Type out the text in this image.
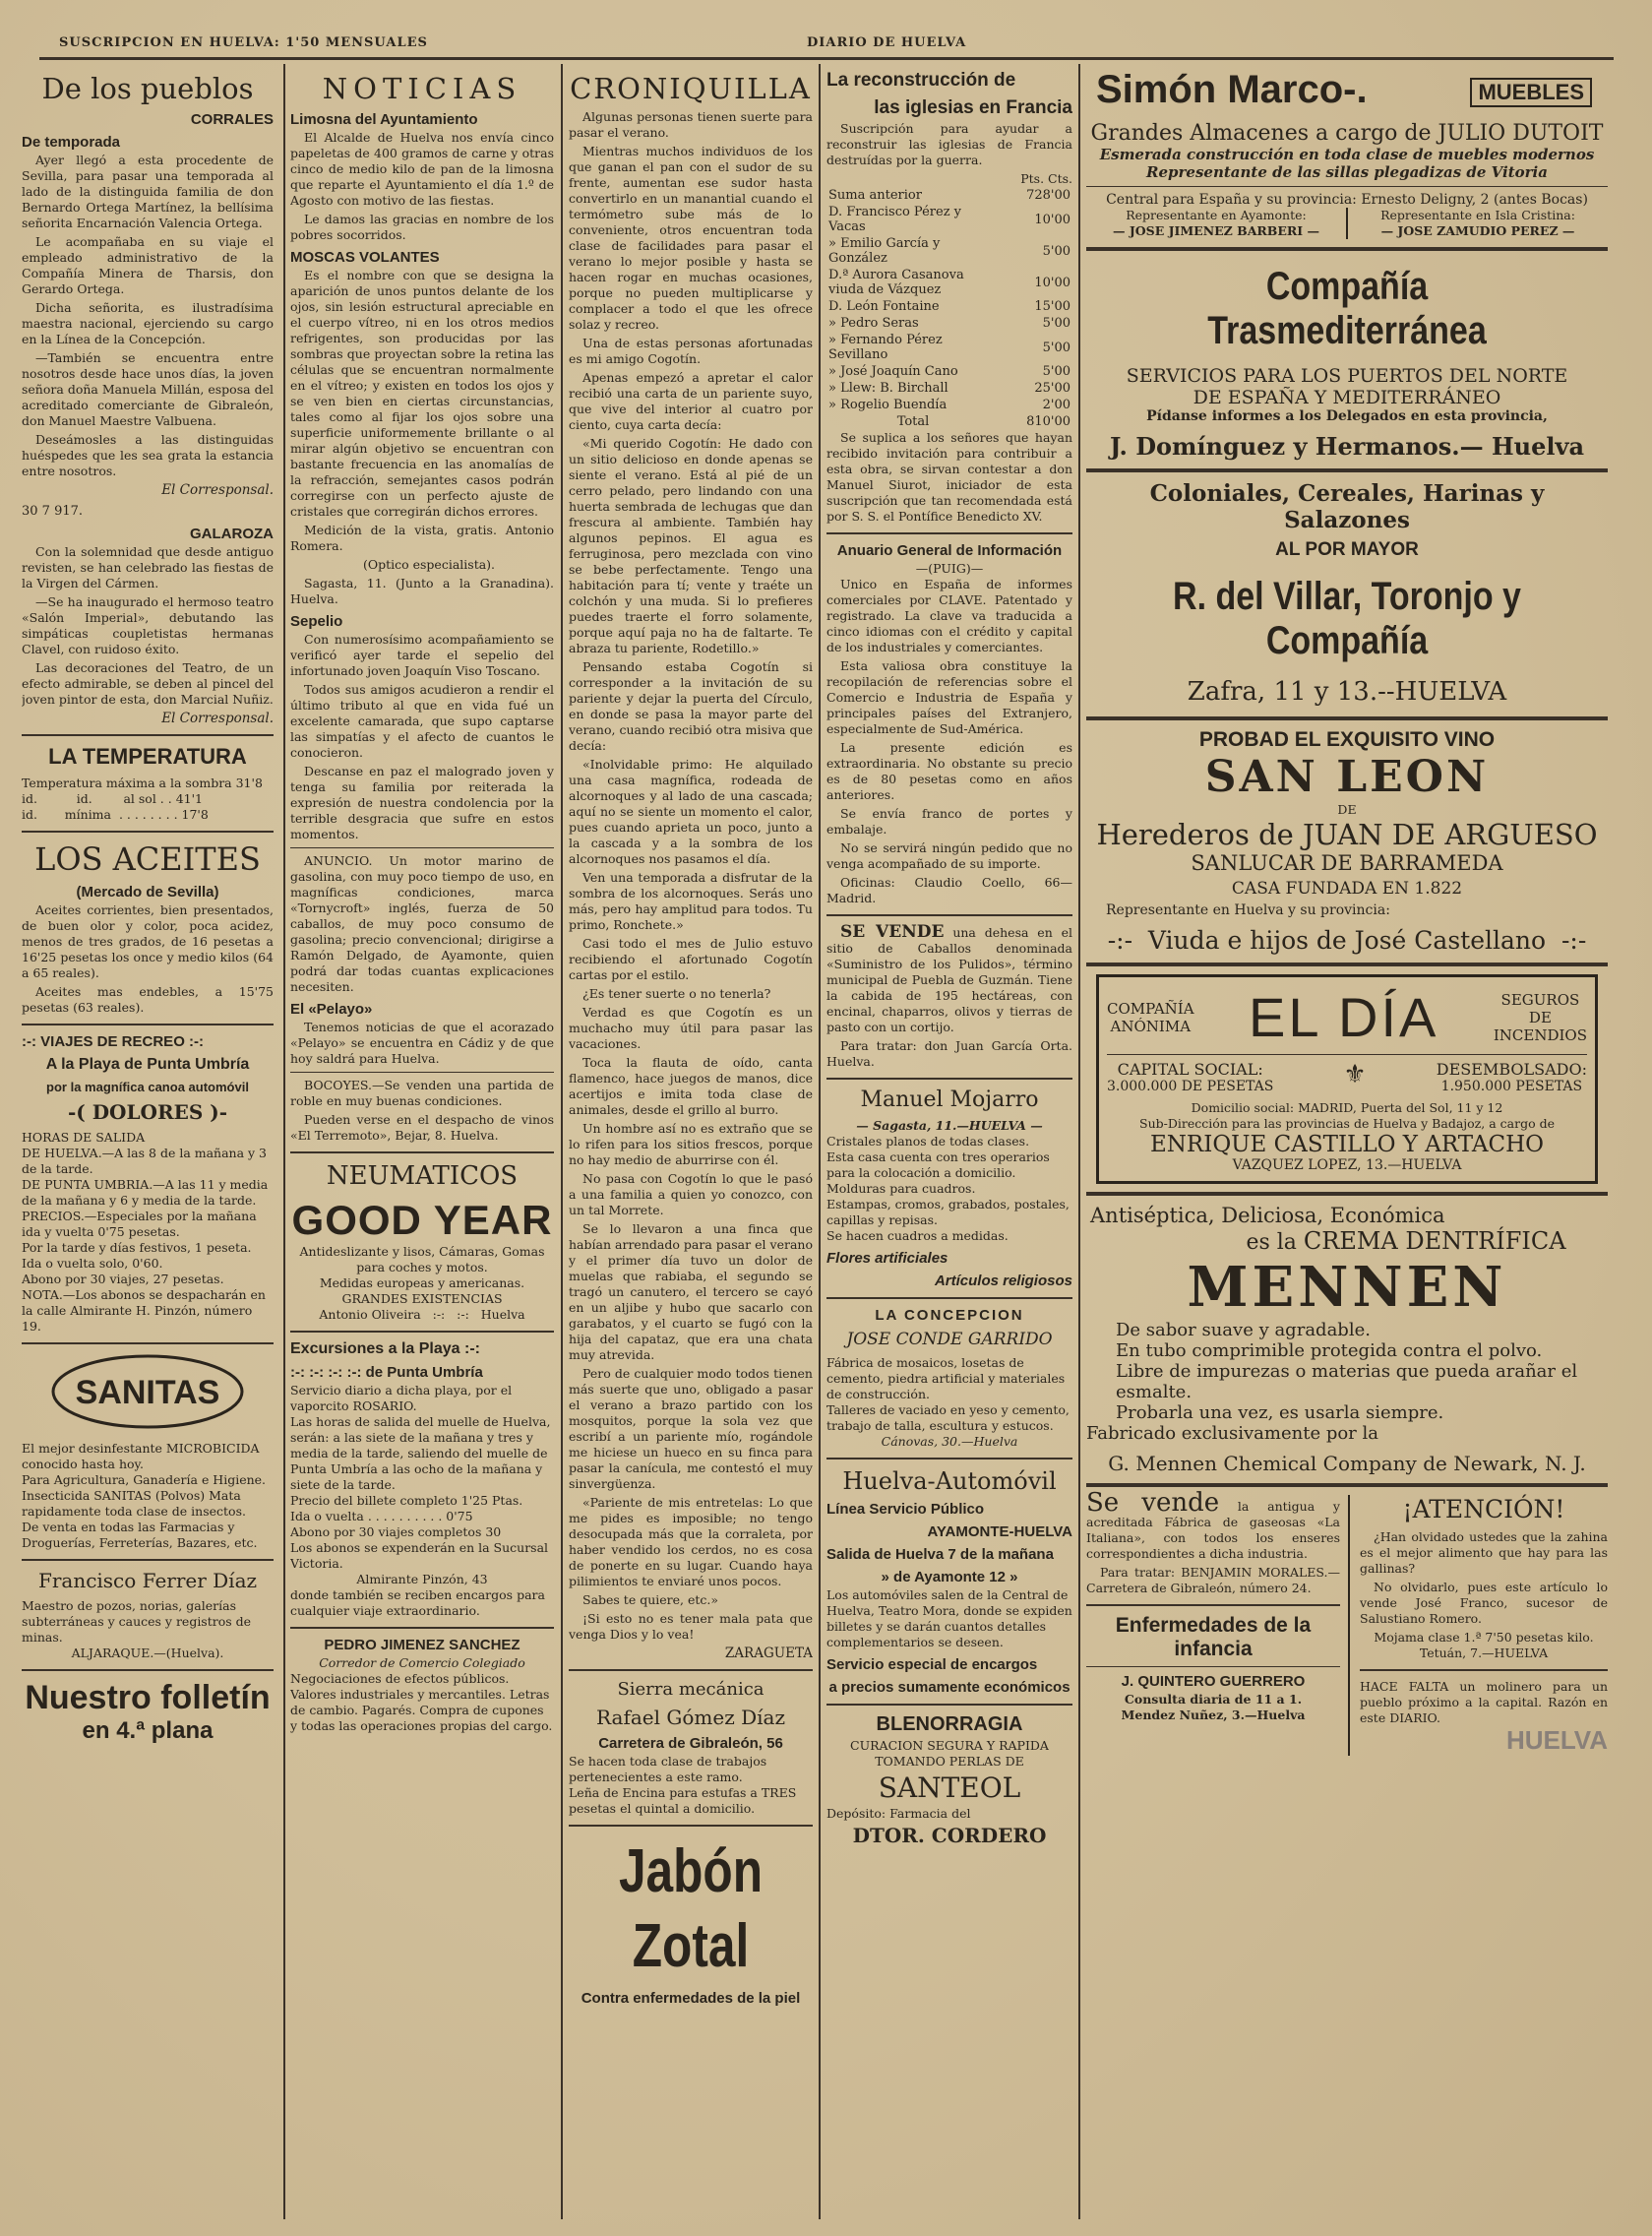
SUSCRIPCION EN HUELVA: 1'50 MENSUALES	DIARIO DE HUELVA
De los pueblos
CORRALES
De temporada

Ayer llegó a esta procedente de Sevilla, para pasar una temporada al lado de la distinguida familia de don Bernardo Ortega Martínez, la bellísima señorita Encarnación Valencia Ortega.

Le acompañaba en su viaje el empleado administrativo de la Compañía Minera de Tharsis, don Gerardo Ortega.

Dicha señorita, es ilustradísima maestra nacional, ejerciendo su cargo en la Línea de la Concepción.

—También se encuentra entre nosotros desde hace unos días, la joven señora doña Manuela Millán, esposa del acreditado comerciante de Gibraleón, don Manuel Maestre Valbuena.

Deseámosles a las distinguidas huéspedes que les sea grata la estancia entre nosotros.

El Corresponsal.
30 7 917.
GALAROZA

Con la solemnidad que desde antiguo revisten, se han celebrado las fiestas de la Virgen del Cármen.

—Se ha inaugurado el hermoso teatro «Salón Imperial», debutando las simpáticas coupletistas hermanas Clavel, con ruidoso éxito.

Las decoraciones del Teatro, de un efecto admirable, se deben al pincel del joven pintor de esta, don Marcial Nuñiz.

El Corresponsal.
LA TEMPERATURA
Temperatura máxima a la sombra 31'8
id.          id.        al sol . . 41'1
id.       mínima  . . . . . . . . 17'8
LOS ACEITES
(Mercado de Sevilla)

Aceites corrientes, bien presentados, de buen olor y color, poca acidez, menos de tres grados, de 16 pesetas a 16'25 pesetas los once y medio kilos (64 a 65 reales).

Aceites mas endebles, a 15'75 pesetas (63 reales).

:-: VIAJES DE RECREO :-:
A la Playa de Punta Umbría
por la magnífica canoa automóvil
-( DOLORES )-
HORAS DE SALIDA
DE HUELVA.—A las 8 de la mañana y 3 de la tarde.
DE PUNTA UMBRIA.—A las 11 y media de la mañana y 6 y media de la tarde.
PRECIOS.—Especiales por la mañana ida y vuelta 0'75 pesetas.
Por la tarde y días festivos, 1 peseta.
Ida o vuelta solo, 0'60.
Abono por 30 viajes, 27 pesetas.
NOTA.—Los abonos se despacharán en la calle Almirante H. Pinzón, número 19.
SANITAS
El mejor desinfestante MICROBICIDA conocido hasta hoy.
Para Agricultura, Ganadería e Higiene.
Insecticida SANITAS (Polvos) Mata rapidamente toda clase de insectos.
De venta en todas las Farmacias y Droguerías, Ferreterías, Bazares, etc.
Francisco Ferrer Díaz
Maestro de pozos, norias, galerías subterráneas y cauces y registros de minas.
ALJARAQUE.—(Huelva).
Nuestro folletín
en 4.ª plana
NOTICIAS
Limosna del Ayuntamiento

El Alcalde de Huelva nos envía cinco papeletas de 400 gramos de carne y otras cinco de medio kilo de pan de la limosna que reparte el Ayuntamiento el día 1.º de Agosto con motivo de las fiestas.

Le damos las gracias en nombre de los pobres socorridos.

MOSCAS VOLANTES

Es el nombre con que se designa la aparición de unos puntos delante de los ojos, sin lesión estructural apreciable en el cuerpo vítreo, ni en los otros medios refrigentes, son producidas por las sombras que proyectan sobre la retina las células que se encuentran normalmente en el vítreo; y existen en todos los ojos y se ven bien en ciertas circunstancias, tales como al fijar los ojos sobre una superficie uniformemente brillante o al mirar algún objetivo se encuentran con bastante frecuencia en las anomalías de la refracción, semejantes casos podrán corregirse con un perfecto ajuste de cristales que corregirán dichos errores.

Medición de la vista, gratis. Antonio Romera.

(Optico especialista).

Sagasta, 11. (Junto a la Granadina). Huelva.

Sepelio

Con numerosísimo acompañamiento se verificó ayer tarde el sepelio del infortunado joven Joaquín Viso Toscano.

Todos sus amigos acudieron a rendir el último tributo al que en vida fué un excelente camarada, que supo captarse las simpatías y el afecto de cuantos le conocieron.

Descanse en paz el malogrado joven y tenga su familia por reiterada la expresión de nuestra condolencia por la terrible desgracia que sufre en estos momentos.

ANUNCIO. Un motor marino de gasolina, con muy poco tiempo de uso, en magníficas condiciones, marca «Tornycroft» inglés, fuerza de 50 caballos, de muy poco consumo de gasolina; precio convencional; dirigirse a Ramón Delgado, de Ayamonte, quien podrá dar todas cuantas explicaciones necesiten.

El «Pelayo»

Tenemos noticias de que el acorazado «Pelayo» se encuentra en Cádiz y de que hoy saldrá para Huelva.

BOCOYES.—Se venden una partida de roble en muy buenas condiciones.

Pueden verse en el despacho de vinos «El Terremoto», Bejar, 8. Huelva.

NEUMATICOS
GOOD YEAR
Antideslizante y lisos, Cámaras, Gomas para coches y motos.
Medidas europeas y americanas.
GRANDES EXISTENCIAS
Antonio Oliveira   :-:   :-:   Huelva
Excursiones a la Playa :-:
:-: :-: :-: :-: de Punta Umbría
Servicio diario a dicha playa, por el vaporcito ROSARIO.
Las horas de salida del muelle de Huelva, serán: a las siete de la mañana y tres y media de la tarde, saliendo del muelle de Punta Umbría a las ocho de la mañana y siete de la tarde.
Precio del billete completo 1'25 Ptas.
Ida o vuelta . . . . . . . . . . 0'75
Abono por 30 viajes completos 30
Los abonos se expenderán en la Sucursal Victoria.
Almirante Pinzón, 43
donde también se reciben encargos para cualquier viaje extraordinario.
PEDRO JIMENEZ SANCHEZ
Corredor de Comercio Colegiado
Negociaciones de efectos públicos. Valores industriales y mercantiles. Letras de cambio. Pagarés. Compra de cupones y todas las operaciones propias del cargo.
CRONIQUILLA

Algunas personas tienen suerte para pasar el verano.

Mientras muchos individuos de los que ganan el pan con el sudor de su frente, aumentan ese sudor hasta convertirlo en un manantial cuando el termómetro sube más de lo conveniente, otros encuentran toda clase de facilidades para pasar el verano lo mejor posible y hasta se hacen rogar en muchas ocasiones, porque no pueden multiplicarse y complacer a todo el que les ofrece solaz y recreo.

Una de estas personas afortunadas es mi amigo Cogotín.

Apenas empezó a apretar el calor recibió una carta de un pariente suyo, que vive del interior al cuatro por ciento, cuya carta decía:

«Mi querido Cogotín: He dado con un sitio delicioso en donde apenas se siente el verano. Está al pié de un cerro pelado, pero lindando con una huerta sembrada de lechugas que dan frescura al ambiente. También hay algunos pepinos. El agua es ferruginosa, pero mezclada con vino se bebe perfectamente. Tengo una habitación para tí; vente y traéte un colchón y una muda. Si lo prefieres puedes traerte el forro solamente, porque aquí paja no ha de faltarte. Te abraza tu pariente, Rodetillo.»

Pensando estaba Cogotín si corresponder a la invitación de su pariente y dejar la puerta del Círculo, en donde se pasa la mayor parte del verano, cuando recibió otra misiva que decía:

«Inolvidable primo: He alquilado una casa magnífica, rodeada de alcornoques y al lado de una cascada; aquí no se siente un momento el calor, pues cuando aprieta un poco, junto a la cascada y a la sombra de los alcornoques nos pasamos el día.

Ven una temporada a disfrutar de la sombra de los alcornoques. Serás uno más, pero hay amplitud para todos. Tu primo, Ronchete.»

Casi todo el mes de Julio estuvo recibiendo el afortunado Cogotín cartas por el estilo.

¿Es tener suerte o no tenerla?

Verdad es que Cogotín es un muchacho muy útil para pasar las vacaciones.

Toca la flauta de oído, canta flamenco, hace juegos de manos, dice acertijos e imita toda clase de animales, desde el grillo al burro.

Un hombre así no es extraño que se lo rifen para los sitios frescos, porque no hay medio de aburrirse con él.

No pasa con Cogotín lo que le pasó a una familia a quien yo conozco, con un tal Morrete.

Se lo llevaron a una finca que habían arrendado para pasar el verano y el primer día tuvo un dolor de muelas que rabiaba, el segundo se tragó un canutero, el tercero se cayó en un aljibe y hubo que sacarlo con garabatos, y el cuarto se fugó con la hija del capataz, que era una chata muy atrevida.

Pero de cualquier modo todos tienen más suerte que uno, obligado a pasar el verano a brazo partido con los mosquitos, porque la sola vez que escribí a un pariente mío, rogándole me hiciese un hueco en su finca para pasar la canícula, me contestó el muy sinvergüenza.

«Pariente de mis entretelas: Lo que me pides es imposible; no tengo desocupada más que la corraleta, por haber vendido los cerdos, no es cosa de ponerte en su lugar. Cuando haya pilimientos te enviaré unos pocos.

Sabes te quiere, etc.»

¡Si esto no es tener mala pata que venga Dios y lo vea!

ZARAGUETA
Sierra mecánica
Rafael Gómez Díaz
Carretera de Gibraleón, 56
Se hacen toda clase de trabajos pertenecientes a este ramo.
Leña de Encina para estufas a TRES pesetas el quintal a domicilio.
Jabón Zotal
Contra enfermedades de la piel
La reconstrucción de
las iglesias en Francia

Suscripción para ayudar a reconstruir las iglesias de Francia destruídas por la guerra.

Pts. Cts.
Suma anterior	728'00
D. Francisco Pérez y Vacas	10'00
» Emilio García y González	5'00
D.ª Aurora Casanova viuda de Vázquez	10'00
D. León Fontaine	15'00
» Pedro Seras	5'00
» Fernando Pérez Sevillano	5'00
» José Joaquín Cano	5'00
» Llew: B. Birchall	25'00
» Rogelio Buendía	2'00
Total	810'00

Se suplica a los señores que hayan recibido invitación para contribuir a esta obra, se sirvan contestar a don Manuel Siurot, iniciador de esta suscripción que tan recomendada está por S. S. el Pontífice Benedicto XV.

Anuario General de Información
—(PUIG)—

Unico en España de informes comerciales por CLAVE. Patentado y registrado. La clave va traducida a cinco idiomas con el crédito y capital de los industriales y comerciantes.

Esta valiosa obra constituye la recopilación de referencias sobre el Comercio e Industria de España y principales países del Extranjero, especialmente de Sud-América.

La presente edición es extraordinaria. No obstante su precio es de 80 pesetas como en años anteriores.

Se envía franco de portes y embalaje.

No se servirá ningún pedido que no venga acompañado de su importe.

Oficinas: Claudio Coello, 66—Madrid.

SE VENDE una dehesa en el sitio de Caballos denominada «Suministro de los Pulidos», término municipal de Puebla de Guzmán. Tiene la cabida de 195 hectáreas, con encinal, chaparros, olivos y tierras de pasto con un cortijo.

Para tratar: don Juan García Orta. Huelva.

Manuel Mojarro
— Sagasta, 11.—HUELVA —
Cristales planos de todas clases.
Esta casa cuenta con tres operarios para la colocación a domicilio.
Molduras para cuadros.
Estampas, cromos, grabados, postales, capillas y repisas.
Se hacen cuadros a medidas.
Flores artificiales
Artículos religiosos
LA CONCEPCION
JOSE CONDE GARRIDO
Fábrica de mosaicos, losetas de cemento, piedra artificial y materiales de construcción.
Talleres de vaciado en yeso y cemento, trabajo de talla, escultura y estucos.
Cánovas, 30.—Huelva
Huelva-Automóvil
Línea Servicio Público
AYAMONTE-HUELVA
Salida de Huelva 7 de la mañana
» de Ayamonte 12 »
Los automóviles salen de la Central de Huelva, Teatro Mora, donde se expiden billetes y se darán cuantos detalles complementarios se deseen.
Servicio especial de encargos
a precios sumamente económicos
BLENORRAGIA
CURACION SEGURA Y RAPIDA
TOMANDO PERLAS DE
SANTEOL
Depósito: Farmacia del
DTOR. CORDERO
Simón Marco-.	MUEBLES
Grandes Almacenes a cargo de JULIO DUTOIT
Esmerada construcción en toda clase de muebles modernos
Representante de las sillas plegadizas de Vitoria
Central para España y su provincia: Ernesto Deligny, 2 (antes Bocas)
Representante en Ayamonte:
— JOSE JIMENEZ BARBERI —
Representante en Isla Cristina:
— JOSE ZAMUDIO PEREZ —
Compañía Trasmediterránea
SERVICIOS PARA LOS PUERTOS DEL NORTE
DE ESPAÑA Y MEDITERRÁNEO
Pídanse informes a los Delegados en esta provincia,
J. Domínguez y Hermanos.— Huelva
Coloniales, Cereales, Harinas y Salazones
AL POR MAYOR
R. del Villar, Toronjo y Compañía
Zafra, 11 y 13.--HUELVA
PROBAD EL EXQUISITO VINO
SAN LEON
DE
Herederos de JUAN DE ARGUESO
SANLUCAR DE BARRAMEDA
CASA FUNDADA EN 1.822
Representante en Huelva y su provincia:
-:-  Viuda e hijos de José Castellano  -:-
COMPAÑÍA
ANÓNIMA EL DÍA	SEGUROS
DE
INCENDIOS
CAPITAL SOCIAL:
3.000.000 DE PESETAS	⚜	DESEMBOLSADO:
1.950.000 PESETAS
Domicilio social: MADRID, Puerta del Sol, 11 y 12
Sub-Dirección para las provincias de Huelva y Badajoz, a cargo de
ENRIQUE CASTILLO Y ARTACHO
VAZQUEZ LOPEZ, 13.—HUELVA
Antiséptica, Deliciosa, Económica
es la CREMA DENTRÍFICA
MENNEN
De sabor suave y agradable.
En tubo comprimible protegida contra el polvo.
Libre de impurezas o materias que pueda arañar el esmalte.
Probarla una vez, es usarla siempre.
Fabricado exclusivamente por la
G. Mennen Chemical Company de Newark, N. J.

Se vende la antigua y acreditada Fábrica de gaseosas «La Italiana», con todos los enseres correspondientes a dicha industria.

Para tratar: BENJAMIN MORALES.—Carretera de Gibraleón, número 24.

Enfermedades de la infancia
J. QUINTERO GUERRERO
Consulta diaria de 11 a 1.
Mendez Nuñez, 3.—Huelva
¡ATENCIÓN!

¿Han olvidado ustedes que la zahina es el mejor alimento que hay para las gallinas?

No olvidarlo, pues este artículo lo vende José Franco, sucesor de Salustiano Romero.

Mojama clase 1.ª 7'50 pesetas kilo.
Tetuán, 7.—HUELVA

HACE FALTA un molinero para un pueblo próximo a la capital. Razón en este DIARIO.

HUELVA
